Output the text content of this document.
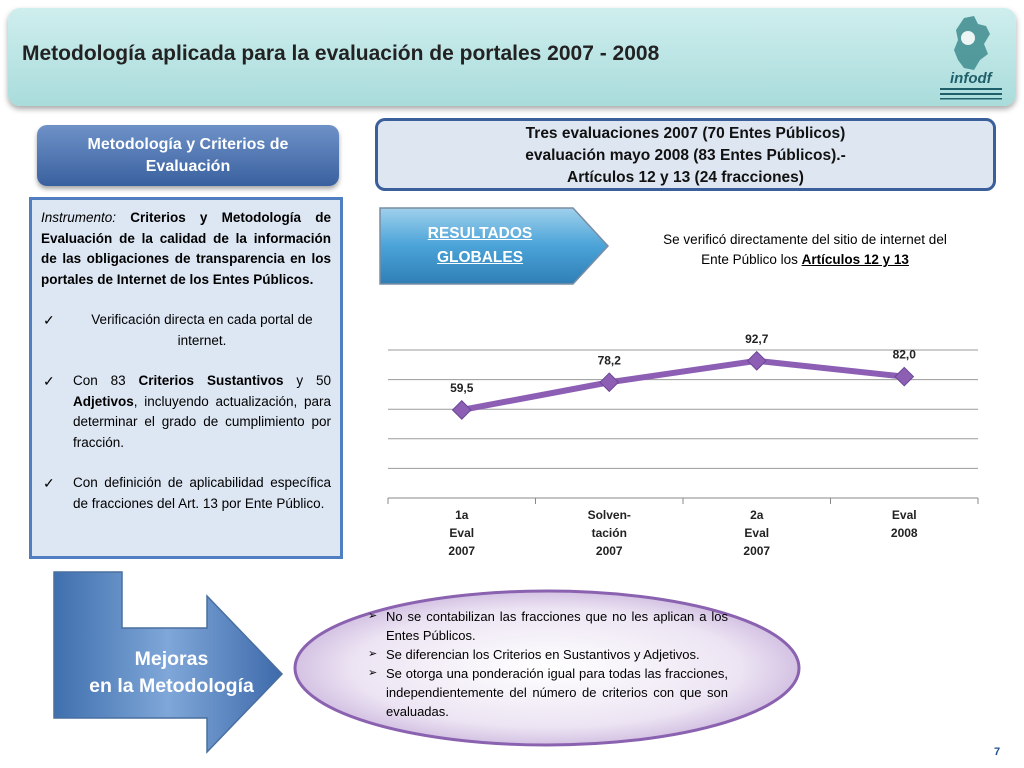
Metodología aplicada para la evaluación de portales 2007 - 2008
infodf
Metodología y Criterios de
Evaluación
Instrumento: Criterios y Metodología de Evaluación de la calidad de la información de las obligaciones de transparencia en los portales de Internet de los Entes Públicos.
✓	Verificación directa en cada portal de internet.
✓ Con 83 Criterios Sustantivos y 50 Adjetivos, incluyendo actualización, para determinar el grado de cumplimiento por fracción.
✓ Con definición de aplicabilidad específica de fracciones del Art. 13 por Ente Público.
Tres evaluaciones 2007 (70 Entes Públicos)
evaluación mayo 2008 (83 Entes Públicos).-
Artículos 12 y 13 (24 fracciones)
RESULTADOS
GLOBALES
Se verificó directamente del sitio de internet del
Ente Público los Artículos 12 y 13
59,5
78,2
92,7
82,0
1a
Eval
2007
Solven-
tación
2007
2a
Eval
2007
Eval
2008
Mejoras
en la Metodología
➢ No se contabilizan las fracciones que no les aplican a los Entes Públicos.
➢ Se diferencian los Criterios en Sustantivos y Adjetivos.
➢ Se otorga una ponderación igual para todas las fracciones, independientemente del número de criterios con que son evaluadas.
7
